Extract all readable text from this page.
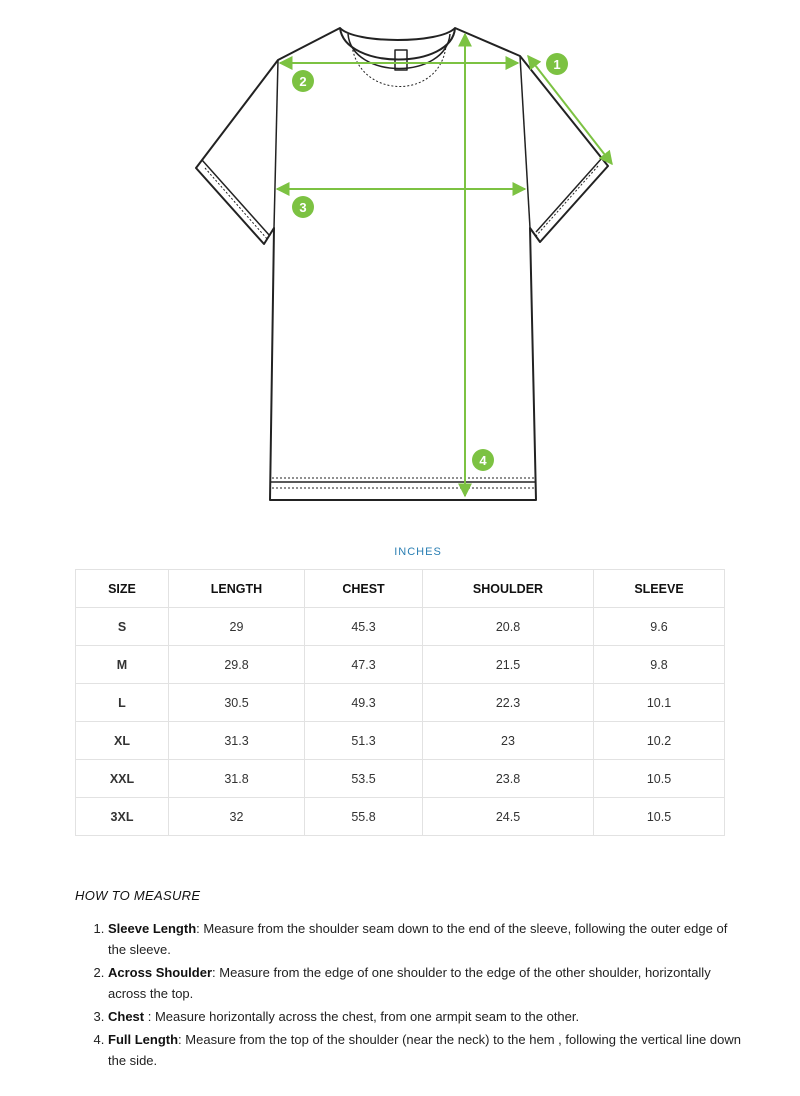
1
2
3
4
INCHES
SIZE	LENGTH	CHEST	SHOULDER	SLEEVE
S	29	45.3	20.8	9.6
M	29.8	47.3	21.5	9.8
L	30.5	49.3	22.3	10.1
XL	31.3	51.3	23	10.2
XXL	31.8	53.5	23.8	10.5
3XL	32	55.8	24.5	10.5
HOW TO MEASURE
1. Sleeve Length: Measure from the shoulder seam down to the end of the sleeve, following the outer edge of the sleeve.
2. Across Shoulder: Measure from the edge of one shoulder to the edge of the other shoulder, horizontally across the top.
3. Chest : Measure horizontally across the chest, from one armpit seam to the other.
4. Full Length: Measure from the top of the shoulder (near the neck) to the hem , following the vertical line down the side.
